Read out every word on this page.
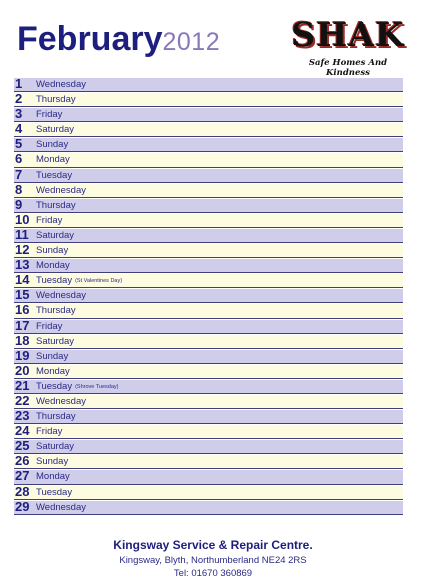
February2012 SHAK
Safe Homes And Kindness
1 Wednesday
2 Thursday
3 Friday
4 Saturday
5 Sunday
6 Monday
7 Tuesday
8 Wednesday
9 Thursday
10 Friday
11 Saturday
12 Sunday
13 Monday
14 Tuesday (St Valentines Day)
15 Wednesday
16 Thursday
17 Friday
18 Saturday
19 Sunday
20 Monday
21 Tuesday (Shrove Tuesday)
22 Wednesday
23 Thursday
24 Friday
25 Saturday
26 Sunday
27 Monday
28 Tuesday
29 Wednesday
Kingsway Service & Repair Centre.
Kingsway, Blyth, Northumberland NE24 2RS
Tel: 01670 360869
